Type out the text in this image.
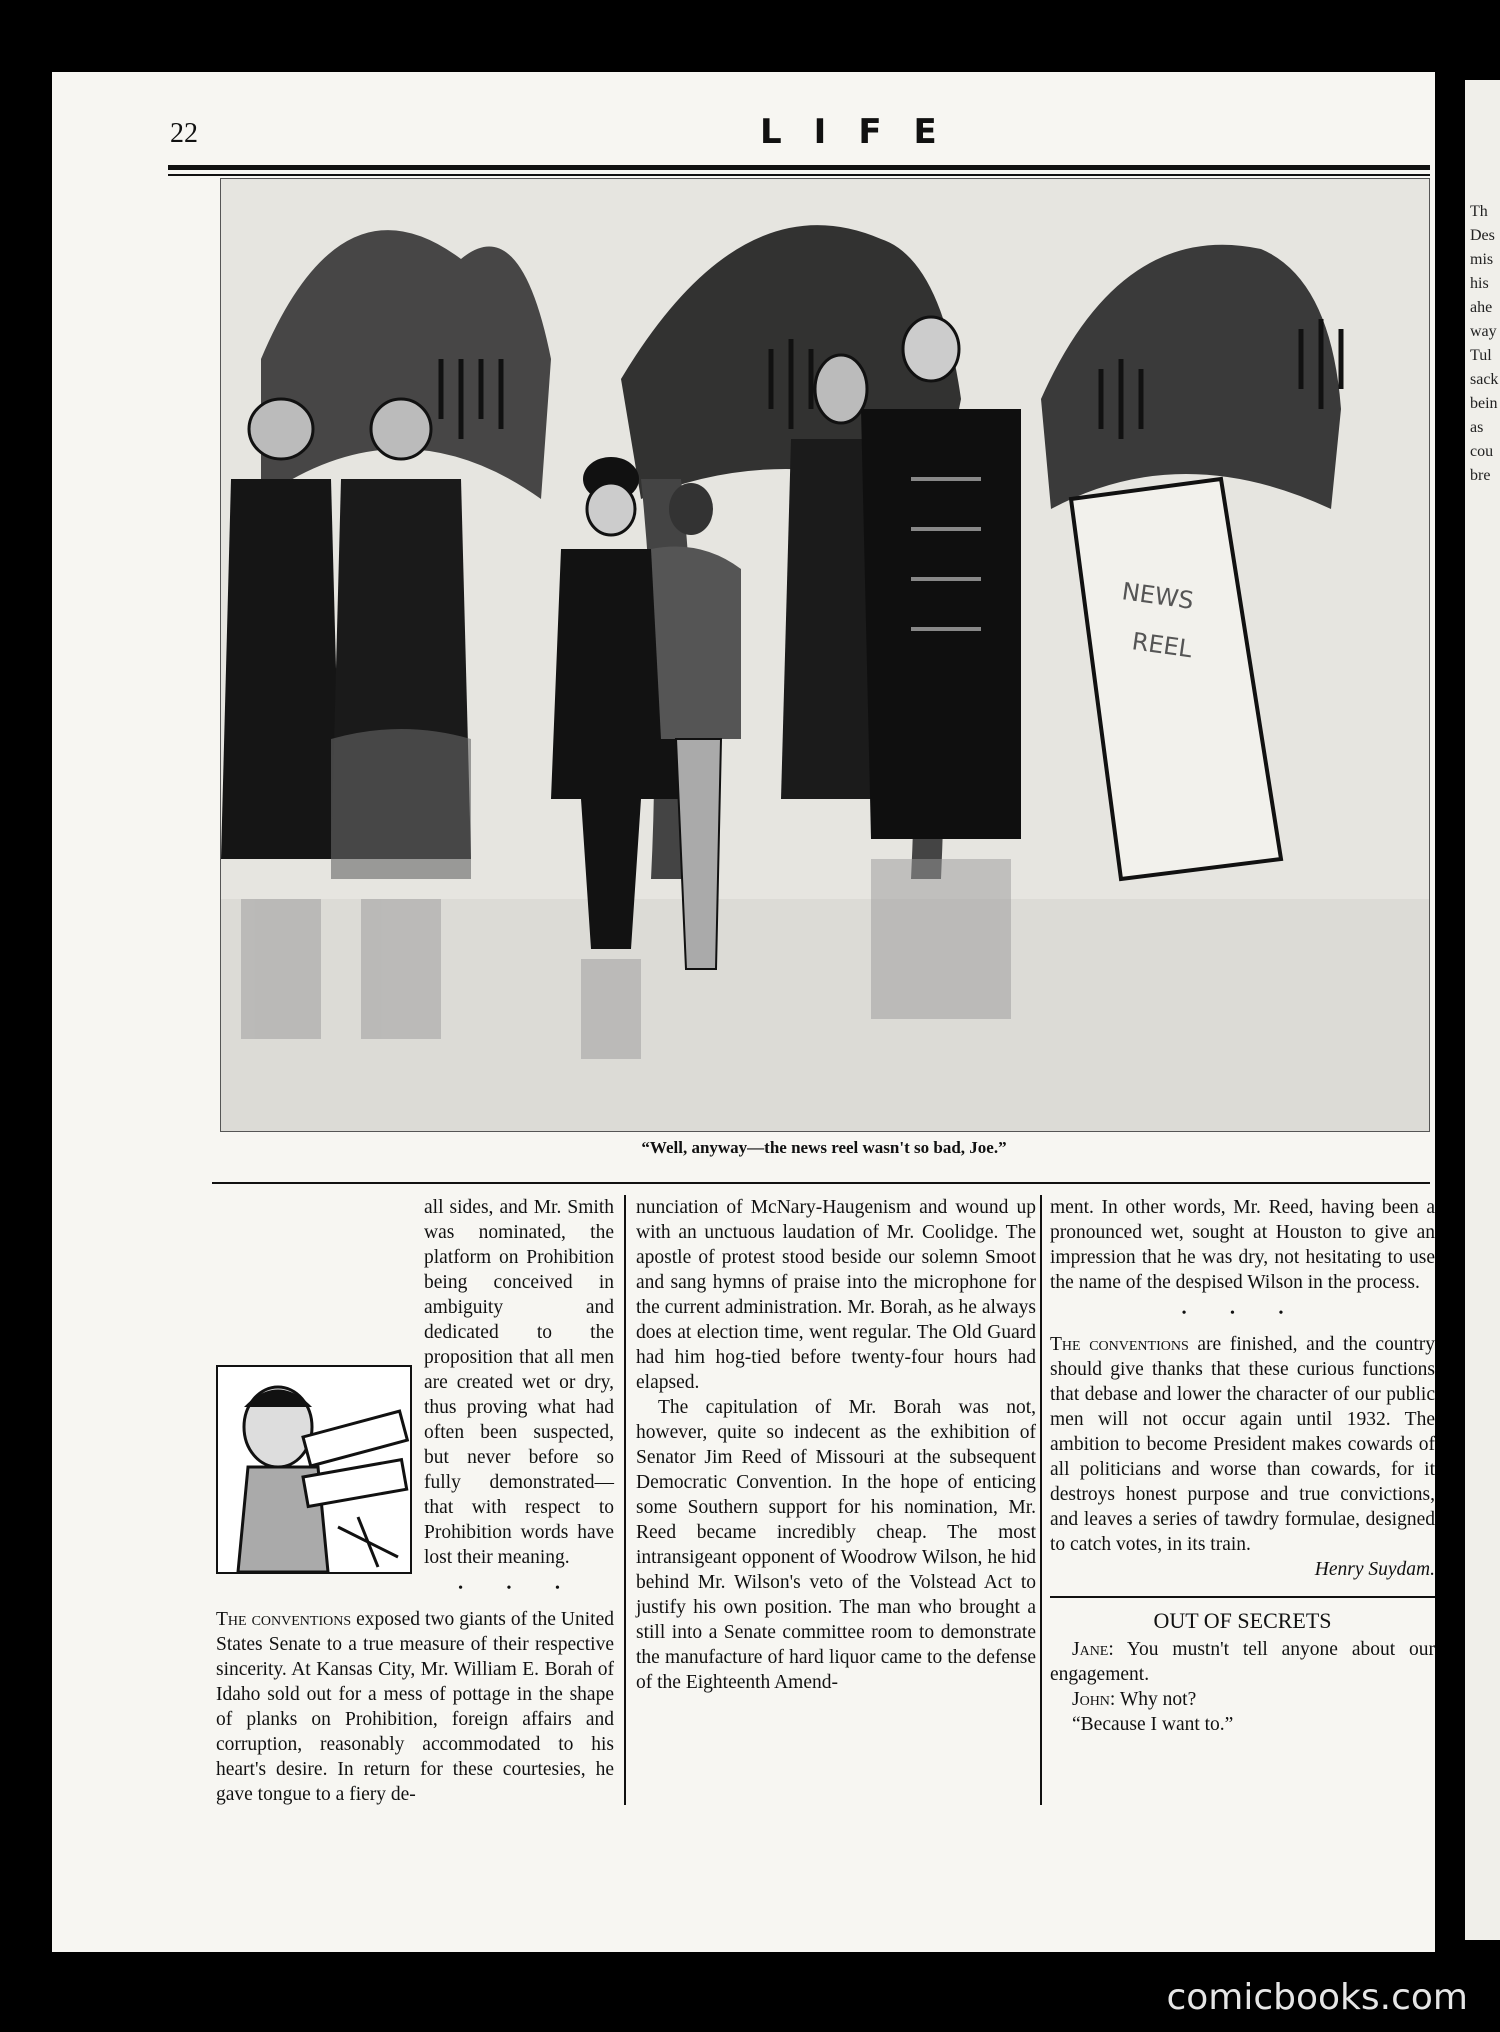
Th
Des
mis
his
ahe
way
Tul
sack
bein
as
cou
bre
22	LIFE
NEWS
REEL
“Well, anyway—the news reel wasn't so bad, Joe.”

all sides, and Mr. Smith was nominated, the platform on Prohibition being conceived in ambiguity and dedicated to the proposition that all men are created wet or dry, thus proving what had often been suspected, but never before so fully demonstrated—that with respect to Prohibition words have lost their meaning.

• • •

The conventions exposed two giants of the United States Senate to a true measure of their respective sincerity. At Kansas City, Mr. William E. Borah of Idaho sold out for a mess of pottage in the shape of planks on Prohibition, foreign affairs and corruption, reasonably accommodated to his heart's desire. In return for these courtesies, he gave tongue to a fiery de-

nunciation of McNary-Haugenism and wound up with an unctuous laudation of Mr. Coolidge. The apostle of protest stood beside our solemn Smoot and sang hymns of praise into the microphone for the current administration. Mr. Borah, as he always does at election time, went regular. The Old Guard had him hog-tied before twenty-four hours had elapsed.

The capitulation of Mr. Borah was not, however, quite so indecent as the exhibition of Senator Jim Reed of Missouri at the subsequent Democratic Convention. In the hope of enticing some Southern support for his nomination, Mr. Reed became incredibly cheap. The most intransigeant opponent of Woodrow Wilson, he hid behind Mr. Wilson's veto of the Volstead Act to justify his own position. The man who brought a still into a Senate committee room to demonstrate the manufacture of hard liquor came to the defense of the Eighteenth Amend-

ment. In other words, Mr. Reed, having been a pronounced wet, sought at Houston to give an impression that he was dry, not hesitating to use the name of the despised Wilson in the process.

• • •

The conventions are finished, and the country should give thanks that these curious functions that debase and lower the character of our public men will not occur again until 1932. The ambition to become President makes cowards of all politicians and worse than cowards, for it destroys honest purpose and true convictions, and leaves a series of tawdry formulae, designed to catch votes, in its train.

Henry Suydam.

OUT OF SECRETS

Jane: You mustn't tell anyone about our engagement.

John: Why not?

“Because I want to.”

comicbooks.com
